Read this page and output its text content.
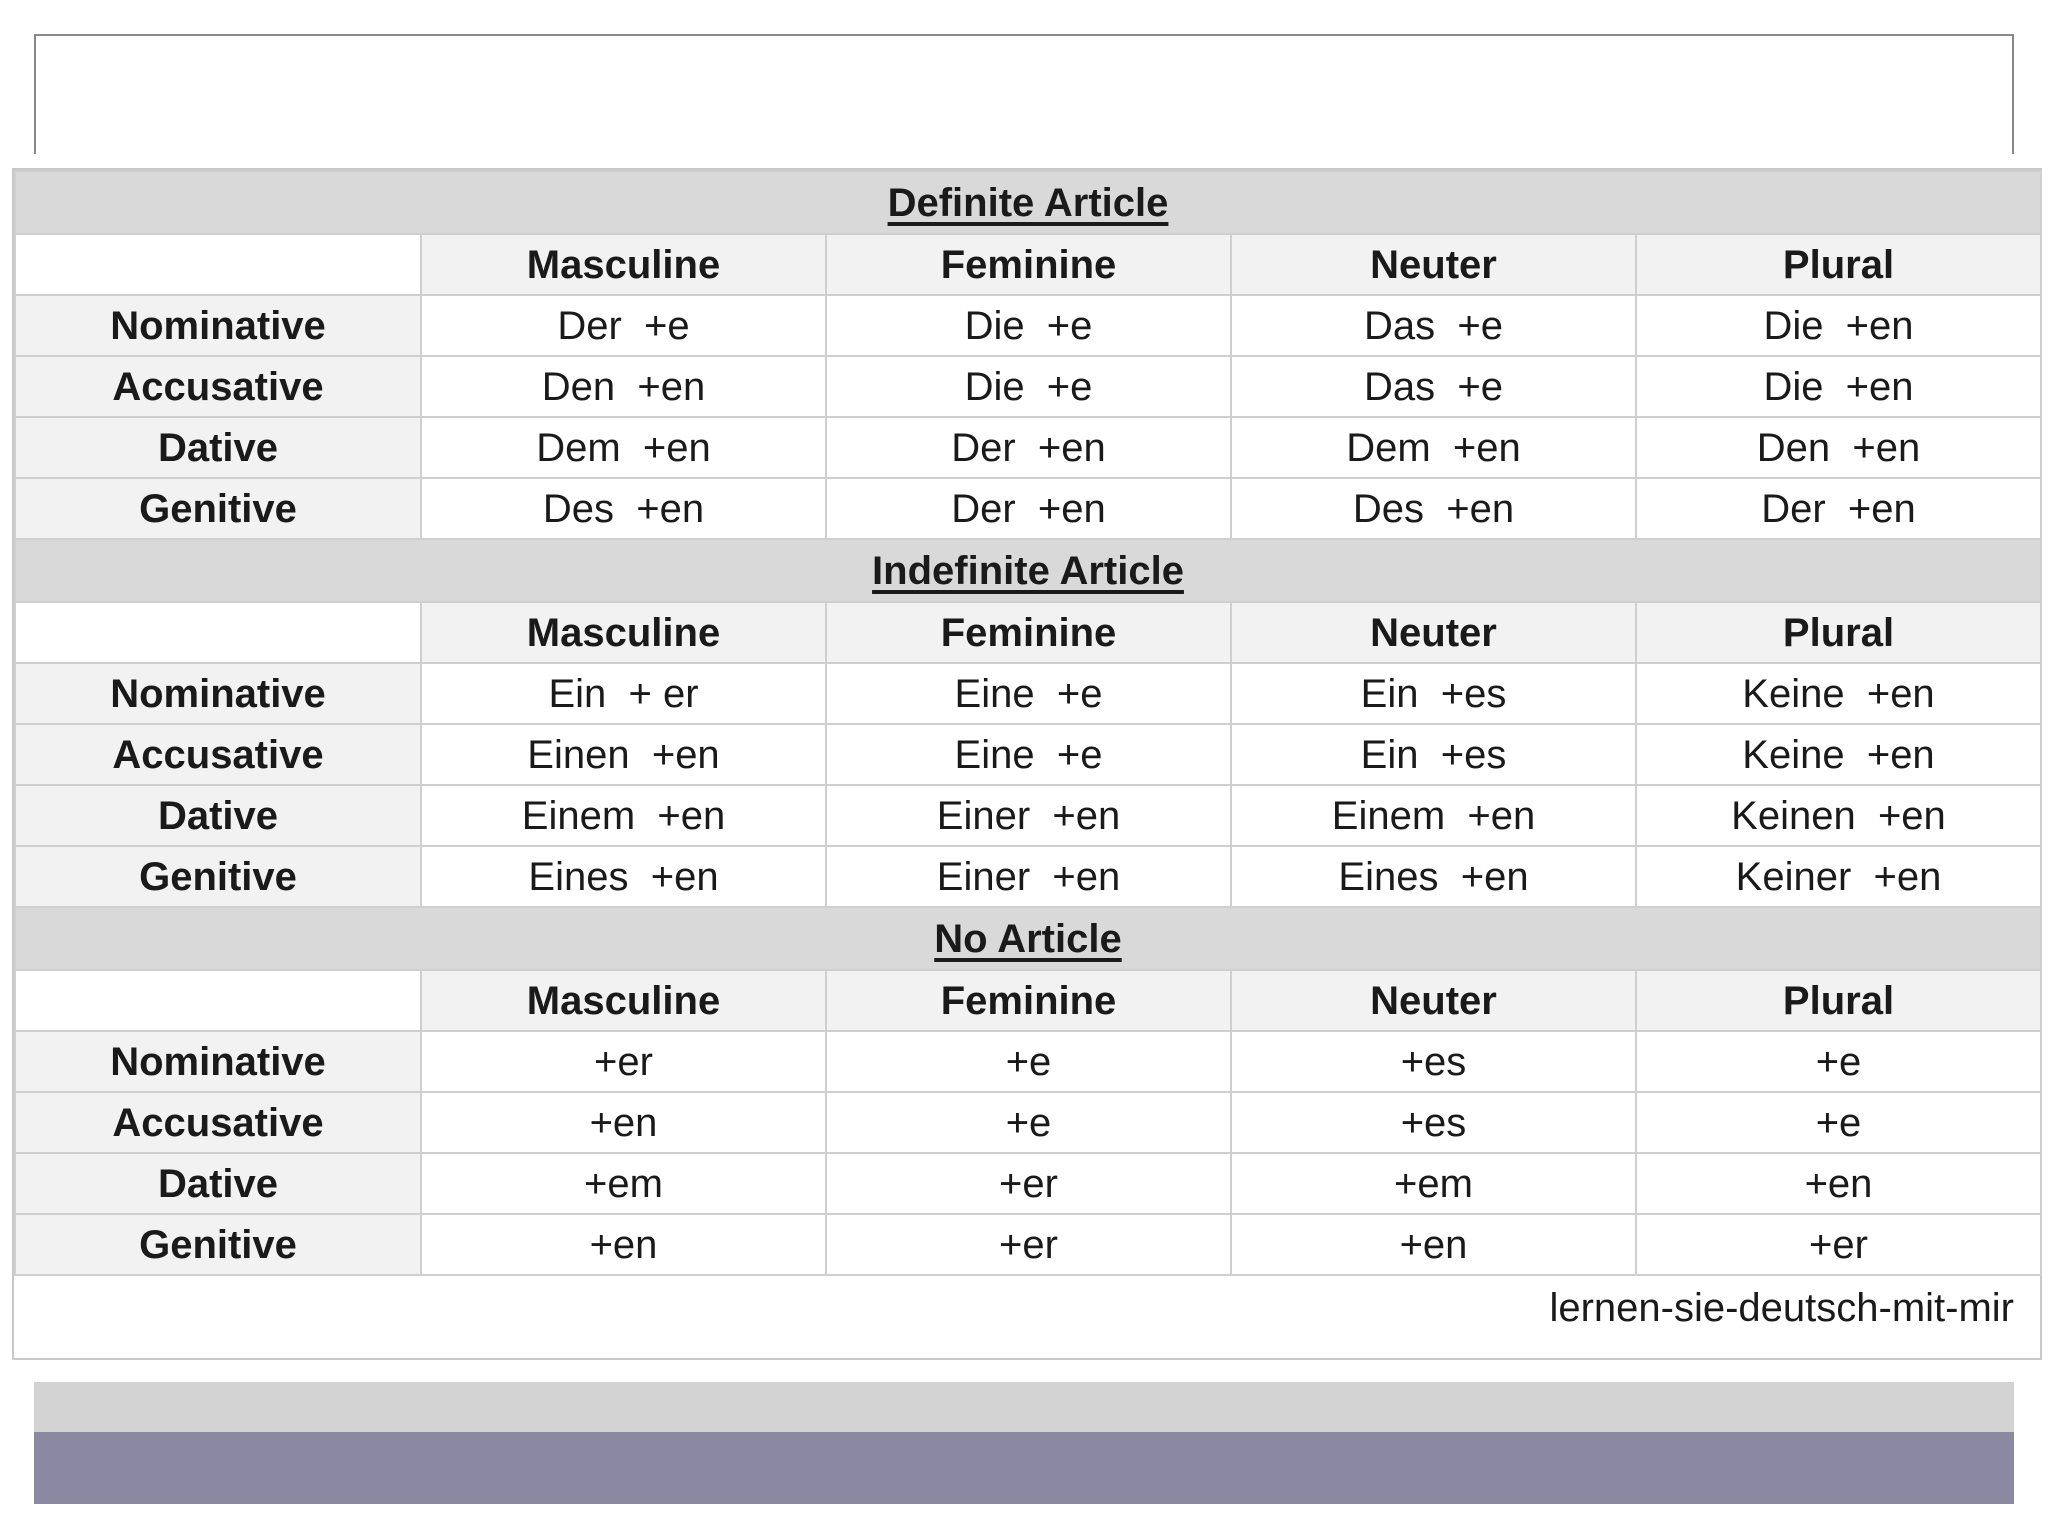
Definite Article				
	Masculine	Feminine	Neuter	Plural
Nominative	Der  +e	Die  +e	Das  +e	Die  +en
Accusative	Den  +en	Die  +e	Das  +e	Die  +en
Dative	Dem  +en	Der  +en	Dem  +en	Den  +en
Genitive	Des  +en	Der  +en	Des  +en	Der  +en
Indefinite Article				
	Masculine	Feminine	Neuter	Plural
Nominative	Ein  + er	Eine  +e	Ein  +es	Keine  +en
Accusative	Einen  +en	Eine  +e	Ein  +es	Keine  +en
Dative	Einem  +en	Einer  +en	Einem  +en	Keinen  +en
Genitive	Eines  +en	Einer  +en	Eines  +en	Keiner  +en
No Article				
	Masculine	Feminine	Neuter	Plural
Nominative	+er	+e	+es	+e
Accusative	+en	+e	+es	+e
Dative	+em	+er	+em	+en
Genitive	+en	+er	+en	+er
lernen-sie-deutsch-mit-mir
